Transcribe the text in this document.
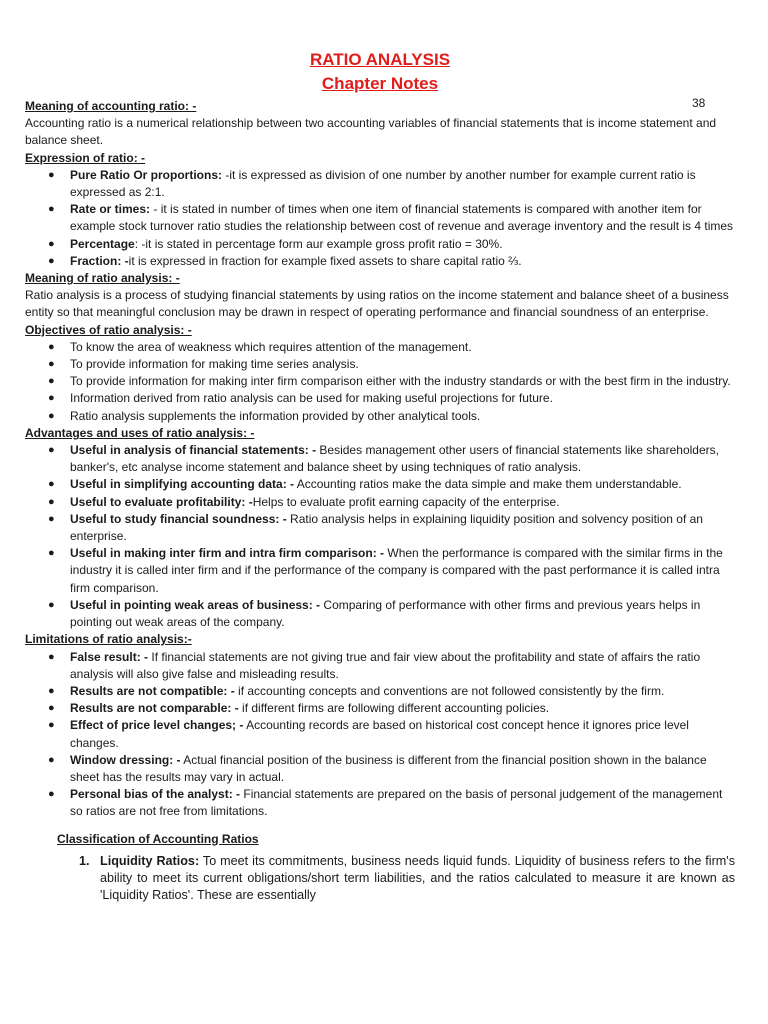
38
RATIO ANALYSIS
Chapter Notes
Meaning of accounting ratio: -
Accounting ratio is a numerical relationship between two accounting variables of financial statements that is income statement and balance sheet.
Expression of ratio: -
● Pure Ratio Or proportions: -it is expressed as division of one number by another number for example current ratio is expressed as 2:1.
● Rate or times: - it is stated in number of times when one item of financial statements is compared with another item for example stock turnover ratio studies the relationship between cost of revenue and average inventory and the result is 4 times
● Percentage: -it is stated in percentage form aur example gross profit ratio = 30%.
● Fraction: -it is expressed in fraction for example fixed assets to share capital ratio ⅔.
Meaning of ratio analysis: -
Ratio analysis is a process of studying financial statements by using ratios on the income statement and balance sheet of a business entity so that meaningful conclusion may be drawn in respect of operating performance and financial soundness of an enterprise.
Objectives of ratio analysis: -
● To know the area of weakness which requires attention of the management.
● To provide information for making time series analysis.
● To provide information for making inter firm comparison either with the industry standards or with the best firm in the industry.
● Information derived from ratio analysis can be used for making useful projections for future.
● Ratio analysis supplements the information provided by other analytical tools.
Advantages and uses of ratio analysis: -
● Useful in analysis of financial statements: - Besides management other users of financial statements like shareholders, banker's, etc analyse income statement and balance sheet by using techniques of ratio analysis.
● Useful in simplifying accounting data: - Accounting ratios make the data simple and make them understandable.
● Useful to evaluate profitability: -Helps to evaluate profit earning capacity of the enterprise.
● Useful to study financial soundness: - Ratio analysis helps in explaining liquidity position and solvency position of an enterprise.
● Useful in making inter firm and intra firm comparison: - When the performance is compared with the similar firms in the industry it is called inter firm and if the performance of the company is compared with the past performance it is called intra firm comparison.
● Useful in pointing weak areas of business: - Comparing of performance with other firms and previous years helps in pointing out weak areas of the company.
Limitations of ratio analysis:-
● False result: - If financial statements are not giving true and fair view about the profitability and state of affairs the ratio analysis will also give false and misleading results.
● Results are not compatible: - if accounting concepts and conventions are not followed consistently by the firm.
● Results are not comparable: - if different firms are following different accounting policies.
● Effect of price level changes; - Accounting records are based on historical cost concept hence it ignores price level changes.
● Window dressing: - Actual financial position of the business is different from the financial position shown in the balance sheet has the results may vary in actual.
● Personal bias of the analyst: - Financial statements are prepared on the basis of personal judgement of the management so ratios are not free from limitations.
Classification of Accounting Ratios
1. Liquidity Ratios: To meet its commitments, business needs liquid funds. Liquidity of business refers to the firm's ability to meet its current obligations/short term liabilities, and the ratios calculated to measure it are known as 'Liquidity Ratios'. These are essentially
